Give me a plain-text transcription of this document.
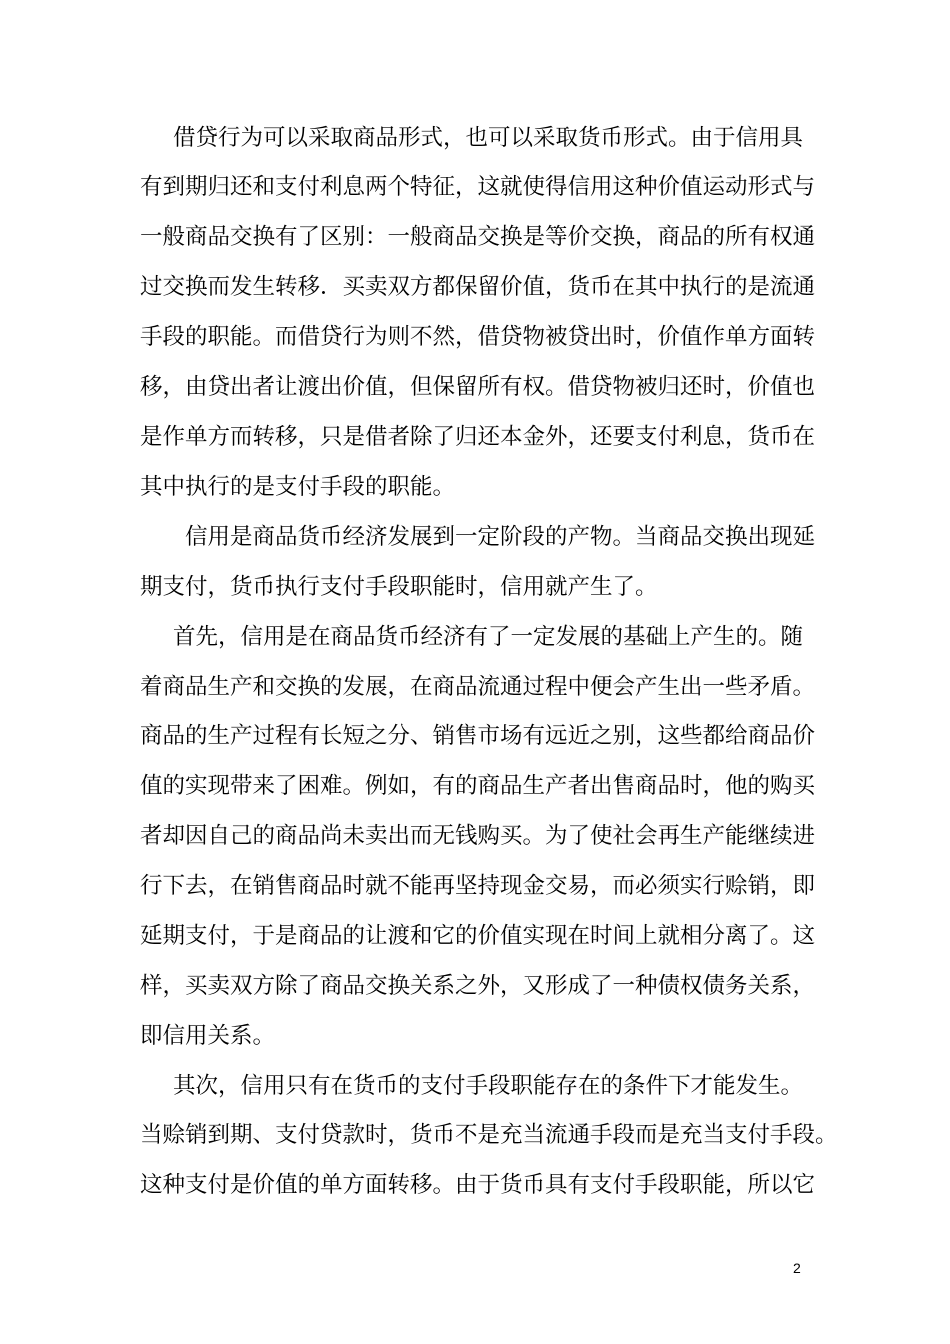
借贷行为可以采取商品形式，也可以采取货币形式。由于信用具
有到期归还和支付利息两个特征，这就使得信用这种价值运动形式与
一般商品交换有了区别：一般商品交换是等价交换，商品的所有权通
过交换而发生转移．买卖双方都保留价值，货币在其中执行的是流通
手段的职能。而借贷行为则不然，借贷物被贷出时，价值作单方面转
移，由贷出者让渡出价值，但保留所有权。借贷物被归还时，价值也
是作单方而转移，只是借者除了归还本金外，还要支付利息，货币在
其中执行的是支付手段的职能。
信用是商品货币经济发展到一定阶段的产物。当商品交换出现延
期支付，货币执行支付手段职能时，信用就产生了。
首先，信用是在商品货币经济有了一定发展的基础上产生的。随
着商品生产和交换的发展，在商品流通过程中便会产生出一些矛盾。
商品的生产过程有长短之分、销售市场有远近之别，这些都给商品价
值的实现带来了困难。例如，有的商品生产者出售商品时，他的购买
者却因自己的商品尚未卖出而无钱购买。为了使社会再生产能继续进
行下去，在销售商品时就不能再坚持现金交易，而必须实行赊销，即
延期支付，于是商品的让渡和它的价值实现在时间上就相分离了。这
样，买卖双方除了商品交换关系之外，又形成了一种债权债务关系，
即信用关系。
其次，信用只有在货币的支付手段职能存在的条件下才能发生。
当赊销到期、支付贷款时，货币不是充当流通手段而是充当支付手段。
这种支付是价值的单方面转移。由于货币具有支付手段职能，所以它
2
